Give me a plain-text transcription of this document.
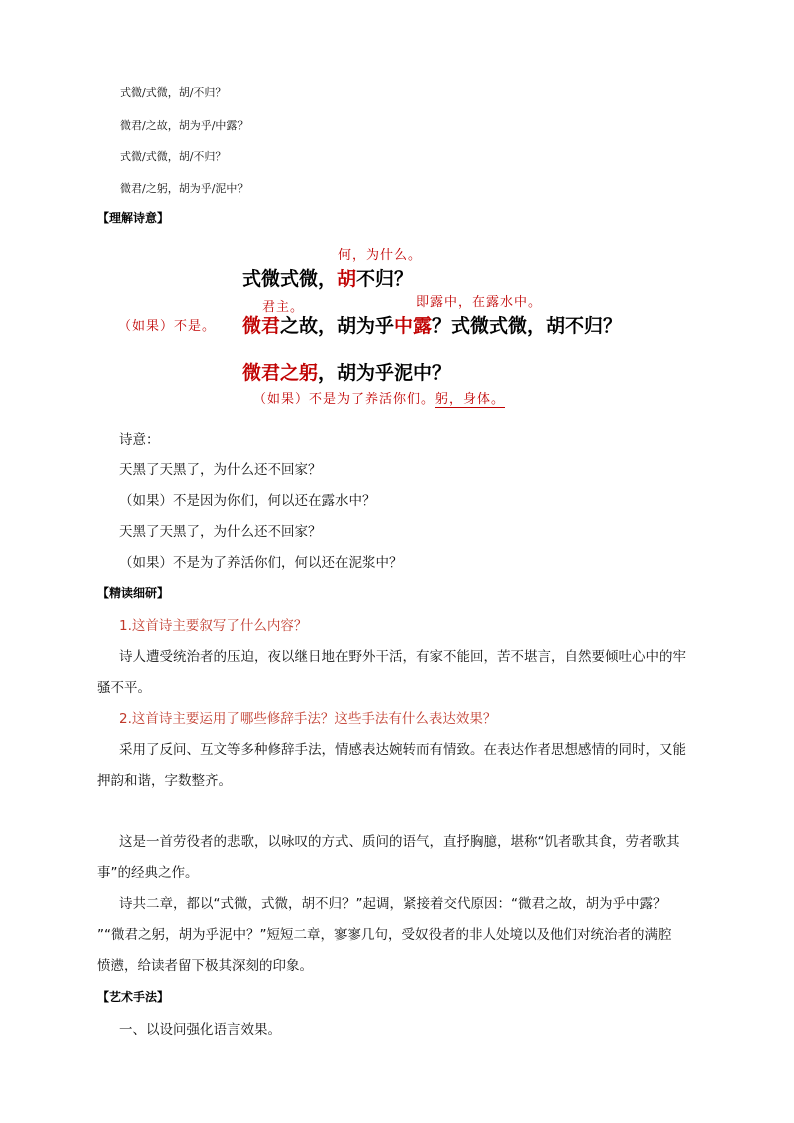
式微/式微，胡/不归？
微君/之故，胡为乎/中露？
式微/式微，胡/不归？
微君/之躬，胡为乎/泥中？
【理解诗意】
何，为什么。
式微式微，胡不归？
君主。	即露中，在露水中。
（如果）不是。 微君之故，胡为乎中露？式微式微，胡不归？
微君之躬，胡为乎泥中？
（如果）不是为了养活你们。躬，身体。
诗意：
天黑了天黑了，为什么还不回家？
（如果）不是因为你们，何以还在露水中？
天黑了天黑了，为什么还不回家？
（如果）不是为了养活你们，何以还在泥浆中？
【精读细研】
1.这首诗主要叙写了什么内容？
诗人遭受统治者的压迫，夜以继日地在野外干活，有家不能回，苦不堪言，自然要倾吐心中的牢
骚不平。
2.这首诗主要运用了哪些修辞手法？这些手法有什么表达效果？
采用了反问、互文等多种修辞手法，情感表达婉转而有情致。在表达作者思想感情的同时，又能
押韵和谐，字数整齐。
这是一首劳役者的悲歌，以咏叹的方式、质问的语气，直抒胸臆，堪称“饥者歌其食，劳者歌其
事”的经典之作。
诗共二章，都以“式微，式微，胡不归？”起调，紧接着交代原因：“微君之故，胡为乎中露？
”“微君之躬，胡为乎泥中？”短短二章，寥寥几句，受奴役者的非人处境以及他们对统治者的满腔
愤懑，给读者留下极其深刻的印象。
【艺术手法】
一、以设问强化语言效果。
